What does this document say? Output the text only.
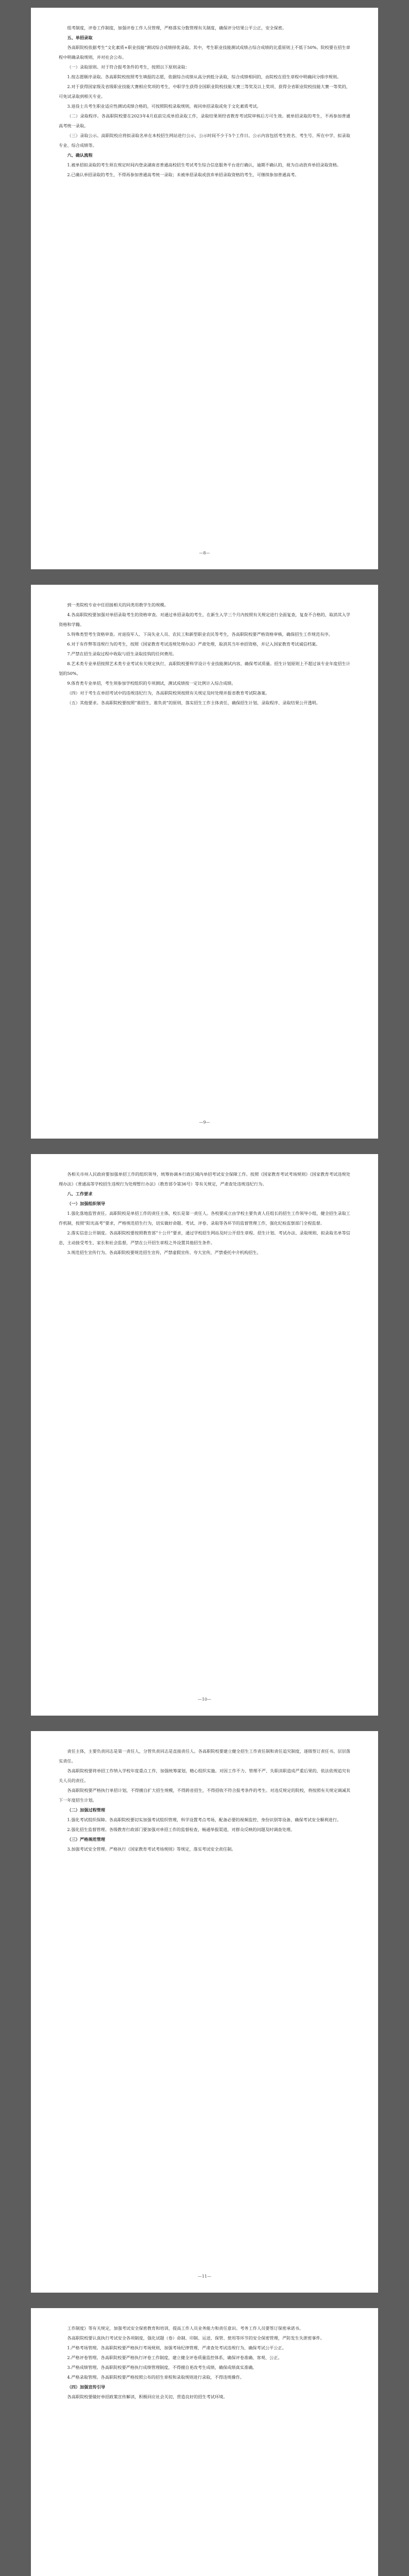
组考制度，评卷工作制度，加强评卷工作人员管理，严格落实分数管理有关制度，确保评分结果公平公正，安全保密。

五、单招录取

各高职院校依据考生“文化素质+职业技能”测试综合成绩择优录取。其中，考生职业技能测试成绩占综合成绩的比重原则上不低于50%。院校要在招生章程中明确录取规则，并对社会公布。

（一）录取原则。对于符合报考条件的考生，按照以下原则录取：

1.按志愿顺序录取。各高职院校按照考生填报的志愿，依据综合成绩从高分到低分录取，综合成绩相同的，由院校在招生章程中明确同分排序规则。

2.对于获得国家级及省级职业技能大赛相应奖项的考生，中职学生获得全国职业院校技能大赛三等奖及以上奖项、获得全省职业院校技能大赛一等奖的，可免试录取到相关专业。

3.退役士兵考生职业适应性测试成绩合格的，可按照院校录取规则，视同单招录取或免于文化素质考试。

（二）录取程序。各高职院校要在2023年4月底前完成单招录取工作，录取结果须经省教育考试院审核后方可生效。被单招录取的考生，不再参加普通高考统一录取。

（三）录取公示。高职院校应将拟录取名单在本校招生网站进行公示，公示时间不少于5个工作日。公示内容包括考生姓名、考生号、所在中学、拟录取专业、综合成绩等。

六、确认流程

1.被单招拟录取的考生须在规定时间内登录湖南省普通高校招生考试考生综合信息服务平台进行确认，逾期不确认的，视为自动放弃单招录取资格。

2.已确认单招录取的考生，不得再参加普通高考统一录取；未被单招录取或放弃单招录取资格的考生，可继续参加普通高考。

—8—

到一类院校专业中任招接相关的同类用教学生的规模。

4.各高职院校要加强对单招录取考生的资格审查。对通过单招录取的考生，在新生入学三个月内按照有关规定进行全面复查，复查不合格的，取消其入学资格和学籍。

5.特殊类型考生资格审查。对退役军人、下岗失业人员、农民工和新型职业农民等考生，各高职院校要严格资格审核，确保招生工作规范有序。

6.对于有作弊等违规行为的考生，按照《国家教育考试违规处理办法》严肃处理，取消其当年单招资格，并记入国家教育考试诚信档案。

7.严禁在招生录取过程中收取与招生录取挂钩的任何费用。

8.艺术类专业单招按照艺术类专业考试有关规定执行，高职院校要科学设计专业技能测试内容，确保考试质量。招生计划原则上不超过该专业年度招生计划的50%。

9.体育类专业单招，考生须参加学校组织的专项测试，测试成绩按一定比例计入综合成绩。

（四）对于考生在单招考试中的违规违纪行为，各高职院校须按照有关规定及时处理并报省教育考试院备案。

（五）其他要求。各高职院校要按照“谁招生、谁负责”的原则，落实招生工作主体责任，确保招生计划、录取程序、录取结果公开透明。

—9—

各相关市州人民政府要加强单招工作的组织领导，统筹协调本行政区域内单招考试安全保障工作。按照《国家教育考试考场规则》《国家教育考试违规处理办法》《普通高等学校招生违规行为处理暂行办法》（教育部令第36号）等有关规定，严肃查处违规违纪行为。

八、工作要求

（一）加强组织领导

1.强化落地监管责任。高职院校是单招工作的责任主体，校长是第一责任人。各校要成立由学校主要负责人任组长的招生工作领导小组，健全招生录取工作机制，按照“阳光高考”要求，严格规范招生行为，切实做好命题、考试、评卷、录取等各环节的监督管理工作，强化纪检监察部门全程监督。

2.落实信息公开制度。各高职院校要按照教育部“十公开”要求，通过学校招生网站及时公开招生章程、招生计划、考试办法、录取规则、拟录取名单等信息，主动接受考生、家长和社会监督，严禁在公开招生章程之外设置其他招生条件。

3.规范招生宣传行为。各高职院校要规范招生宣传，严禁虚假宣传、夸大宣传，严禁委托中介机构招生。

—10—

责任主体，主要负责同志是第一责任人，分管负责同志是直接责任人。各高职院校要建立健全招生工作责任制和责任追究制度，逐级签订责任书，层层落实责任。

各高职院校要将单招工作纳入学校年度重点工作，加强统筹谋划，精心组织实施。对因工作不力、管理不严、失职渎职造成严重后果的，依法依规追究有关人员的责任。

各高职院校要严格执行单招计划，不得擅自扩大招生规模，不得跨省招生，不得招收不符合报考条件的考生。对违反规定的院校，将按照有关规定调减其下一年度招生计划。

（二）加强过程管理

1.强化考试组织保障。各高职院校要切实加强考试组织管理，科学设置考点考场，配备必要的视频监控、身份识别等设备，确保考试安全顺利进行。

2.强化招生监督管理。各级教育行政部门要加强对单招工作的监督检查，畅通举报渠道，对群众反映的问题及时调查处理。

（三）严格规范管理

3.加强考试安全管理。严格执行《国家教育考试考场规则》等规定，落实考试安全责任制。

—11—

工作制度》等有关规定，加强考试安全保密教育和培训，提高工作人员业务能力和责任意识。考务工作人员要签订保密承诺书。

各高职院校要认真执行考试安全各项制度，强化试题（卷）命制、印制、运送、保管、使用等环节的安全保密管理，严防发生失泄密事件。

1.严格考场管理。各高职院校要严格执行考场规则，加强考场纪律管理，严肃查处考试违规行为，确保考试公平公正。

2.严格评卷管理。各高职院校要严格执行评卷工作制度，建立健全评卷质量监控体系，确保评卷准确、客观、公正。

3.严格成绩管理。各高职院校要严格执行成绩管理制度，不得擅自更改考生成绩，确保成绩真实准确。

4.严格录取管理。各高职院校要严格按照公布的招生章程和录取规则进行录取，不得违规操作。

（四）加强宣传引导

各高职院校要做好单招政策宣传解读，积极回应社会关切，营造良好的招生考试环境。
